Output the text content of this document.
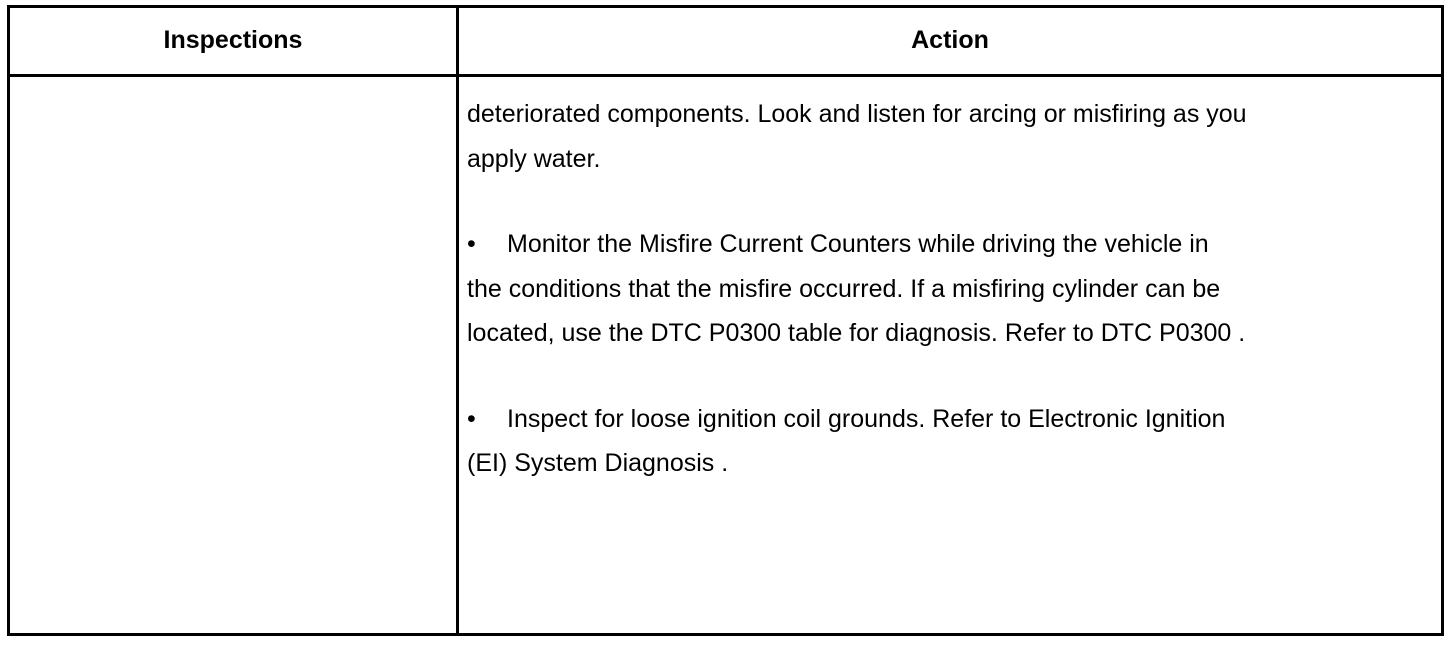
Inspections	Action
deteriorated components. Look and listen for arcing or misfiring as you
apply water.
• Monitor the Misfire Current Counters while driving the vehicle in
the conditions that the misfire occurred. If a misfiring cylinder can be
located, use the DTC P0300 table for diagnosis. Refer to DTC P0300 .
• Inspect for loose ignition coil grounds. Refer to Electronic Ignition
(EI) System Diagnosis .
